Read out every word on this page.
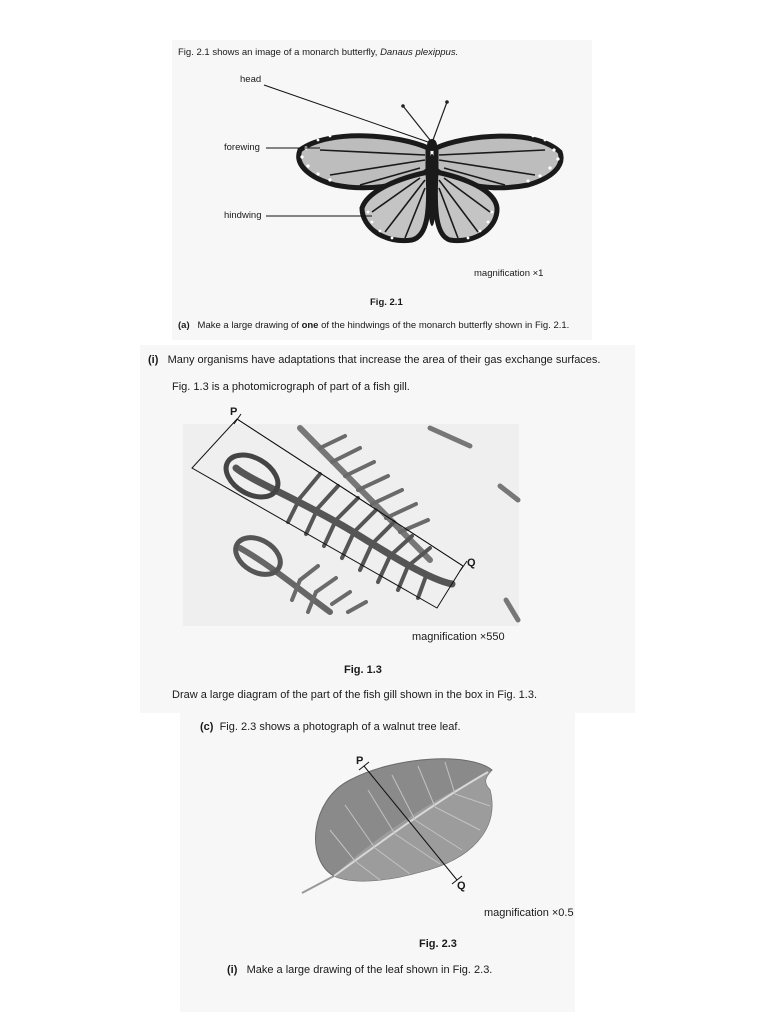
Fig. 2.1 shows an image of a monarch butterfly, Danaus plexippus.
head
forewing
hindwing
magnification ×1
Fig. 2.1
(a) Make a large drawing of one of the hindwings of the monarch butterfly shown in Fig. 2.1.
(i) Many organisms have adaptations that increase the area of their gas exchange surfaces.
Fig. 1.3 is a photomicrograph of part of a fish gill.
P
Q
magnification ×550
Fig. 1.3
Draw a large diagram of the part of the fish gill shown in the box in Fig. 1.3.
(c) Fig. 2.3 shows a photograph of a walnut tree leaf.
P
Q
magnification ×0.5
Fig. 2.3
(i) Make a large drawing of the leaf shown in Fig. 2.3.
